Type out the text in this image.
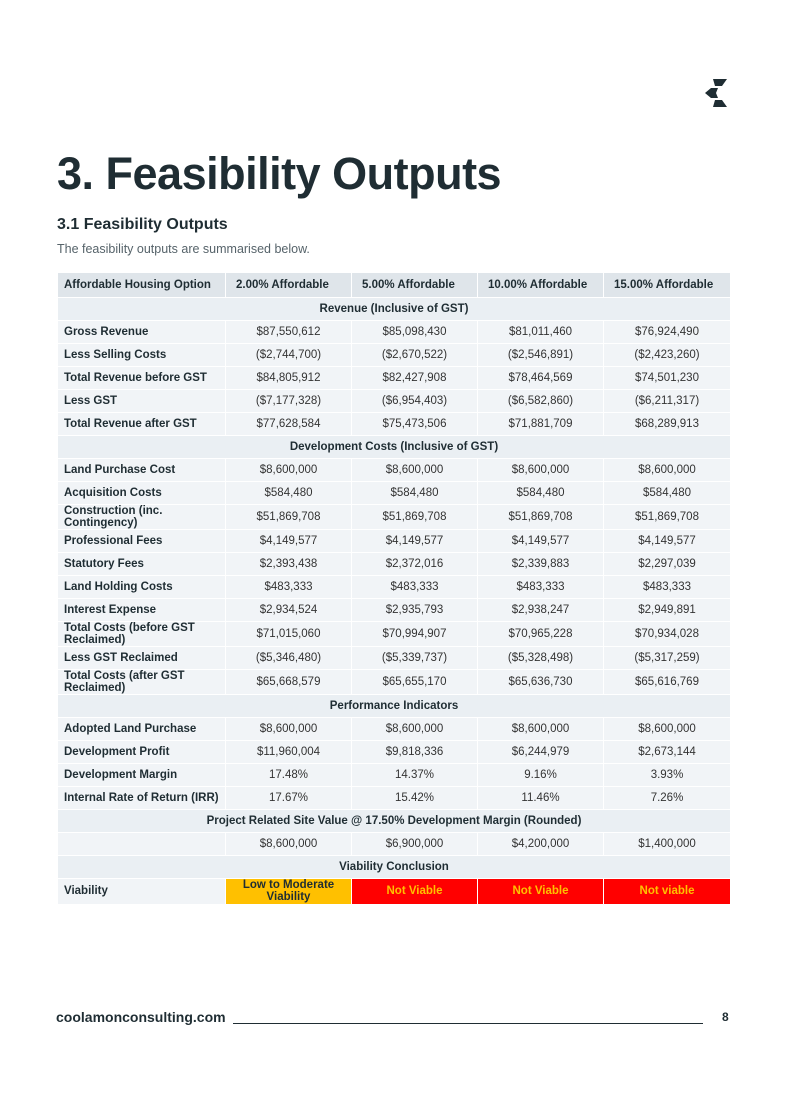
3. Feasibility Outputs
3.1 Feasibility Outputs

The feasibility outputs are summarised below.

Affordable Housing Option	2.00% Affordable	5.00% Affordable	10.00% Affordable	15.00% Affordable
Revenue (Inclusive of GST)				
Gross Revenue	$87,550,612	$85,098,430	$81,011,460	$76,924,490
Less Selling Costs	($2,744,700)	($2,670,522)	($2,546,891)	($2,423,260)
Total Revenue before GST	$84,805,912	$82,427,908	$78,464,569	$74,501,230
Less GST	($7,177,328)	($6,954,403)	($6,582,860)	($6,211,317)
Total Revenue after GST	$77,628,584	$75,473,506	$71,881,709	$68,289,913
Development Costs (Inclusive of GST)				
Land Purchase Cost	$8,600,000	$8,600,000	$8,600,000	$8,600,000
Acquisition Costs	$584,480	$584,480	$584,480	$584,480
Construction (inc. Contingency)	$51,869,708	$51,869,708	$51,869,708	$51,869,708
Professional Fees	$4,149,577	$4,149,577	$4,149,577	$4,149,577
Statutory Fees	$2,393,438	$2,372,016	$2,339,883	$2,297,039
Land Holding Costs	$483,333	$483,333	$483,333	$483,333
Interest Expense	$2,934,524	$2,935,793	$2,938,247	$2,949,891
Total Costs (before GST Reclaimed)	$71,015,060	$70,994,907	$70,965,228	$70,934,028
Less GST Reclaimed	($5,346,480)	($5,339,737)	($5,328,498)	($5,317,259)
Total Costs (after GST Reclaimed)	$65,668,579	$65,655,170	$65,636,730	$65,616,769
Performance Indicators				
Adopted Land Purchase	$8,600,000	$8,600,000	$8,600,000	$8,600,000
Development Profit	$11,960,004	$9,818,336	$6,244,979	$2,673,144
Development Margin	17.48%	14.37%	9.16%	3.93%
Internal Rate of Return (IRR)	17.67%	15.42%	11.46%	7.26%
Project Related Site Value @ 17.50% Development Margin (Rounded)				
	$8,600,000	$6,900,000	$4,200,000	$1,400,000
Viability Conclusion				
Viability	Low to Moderate Viability	Not Viable	Not Viable	Not viable

coolamonconsulting.com	8
